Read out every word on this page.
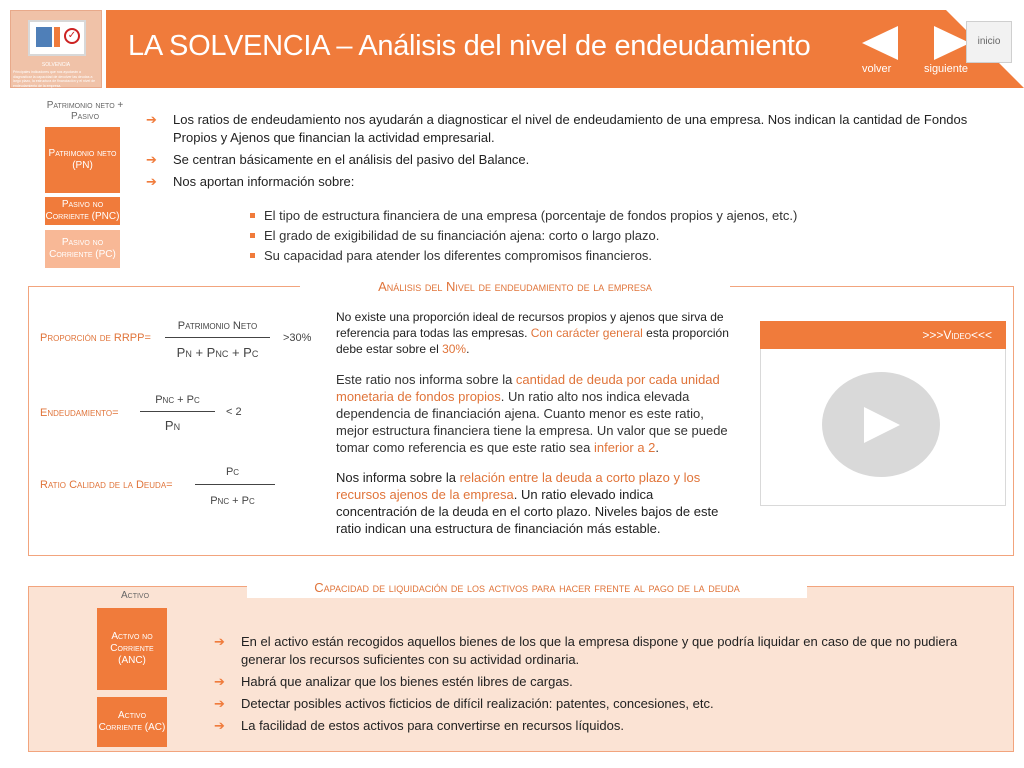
✓
SOLVENCIA
Principales indicadores que nos ayudarán a diagnosticar la capacidad de devolver las deudas a largo plazo, la estructura de financiación y el nivel de endeudamiento de la empresa.
LA SOLVENCIA – Análisis del nivel de endeudamiento
volver	siguiente
inicio
Patrimonio neto + Pasivo
Patrimonio neto (PN)
Pasivo no Corriente (PNC)
Pasivo no Corriente (PC)
➔ Los ratios de endeudamiento nos ayudarán a diagnosticar el nivel de endeudamiento de una empresa. Nos indican la cantidad de Fondos Propios y Ajenos que financian la actividad empresarial.
➔ Se centran básicamente en el análisis del pasivo del Balance.
➔ Nos aportan información sobre:
El tipo de estructura financiera de una empresa (porcentaje de fondos propios y ajenos, etc.)
El grado de exigibilidad de su financiación ajena: corto o largo plazo.
Su capacidad para atender los diferentes compromisos financieros.
Análisis del Nivel de endeudamiento de la empresa
Proporción de RRPP=
Patrimonio Neto
Pn + Pnc + Pc
>30%
Endeudamiento=
Pnc + Pc
Pn
< 2
Ratio Calidad de la Deuda=
Pc
Pnc + Pc
No existe una proporción ideal de recursos propios y ajenos que sirva de referencia para todas las empresas. Con carácter general esta proporción debe estar sobre el 30%.
Este ratio nos informa sobre la cantidad de deuda por cada unidad monetaria de fondos propios. Un ratio alto nos indica elevada dependencia de financiación ajena. Cuanto menor es este ratio, mejor estructura financiera tiene la empresa. Un valor que se puede tomar como referencia es que este ratio sea inferior a 2.
Nos informa sobre la relación entre la deuda a corto plazo y los recursos ajenos de la empresa. Un ratio elevado indica concentración de la deuda en el corto plazo. Niveles bajos de este ratio indican una estructura de financiación más estable.
>>>Video<<<
Capacidad de liquidación de los activos para hacer frente al pago de la deuda
Activo
Activo no Corriente (ANC)
Activo Corriente (AC)
➔ En el activo están recogidos aquellos bienes de los que la empresa dispone y que podría liquidar en caso de que no pudiera generar los recursos suficientes con su actividad ordinaria.
➔ Habrá que analizar que los bienes estén libres de cargas.
➔ Detectar posibles activos ficticios de difícil realización: patentes, concesiones, etc.
➔ La facilidad de estos activos para convertirse en recursos líquidos.
